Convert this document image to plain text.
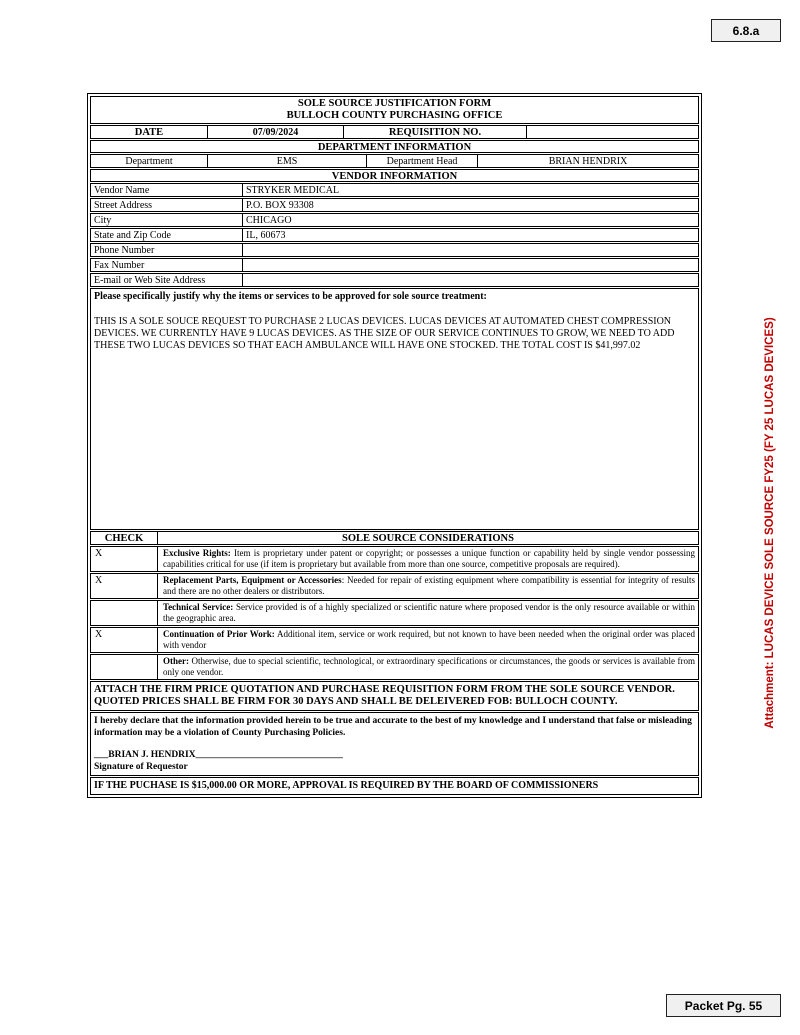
6.8.a
Packet Pg. 55
Attachment: LUCAS DEVICE SOLE SOURCE FY25 (FY 25 LUCAS DEVICES)
SOLE SOURCE JUSTIFICATION FORM
BULLOCH COUNTY PURCHASING OFFICE
DATE	07/09/2024	REQUISITION NO.
DEPARTMENT INFORMATION
Department	EMS	Department Head	BRIAN HENDRIX
VENDOR INFORMATION
Vendor Name	STRYKER MEDICAL
Street Address	P.O. BOX 93308
City	CHICAGO
State and Zip Code	IL, 60673
Phone Number
Fax Number
E-mail or Web Site Address
Please specifically justify why the items or services to be approved for sole source treatment:
THIS IS A SOLE SOUCE REQUEST TO PURCHASE 2 LUCAS DEVICES. LUCAS DEVICES AT AUTOMATED CHEST COMPRESSION DEVICES. WE CURRENTLY HAVE 9 LUCAS DEVICES. AS THE SIZE OF OUR SERVICE CONTINUES TO GROW, WE NEED TO ADD THESE TWO LUCAS DEVICES SO THAT EACH AMBULANCE WILL HAVE ONE STOCKED. THE TOTAL COST IS $41,997.02
CHECK	SOLE SOURCE CONSIDERATIONS
X	Exclusive Rights: Item is proprietary under patent or copyright; or possesses a unique function or capability held by single vendor possessing capabilities critical for use (if item is proprietary but available from more than one source, competitive proposals are required).
X	Replacement Parts, Equipment or Accessories: Needed for repair of existing equipment where compatibility is essential for integrity of results and there are no other dealers or distributors.
Technical Service: Service provided is of a highly specialized or scientific nature where proposed vendor is the only resource available or within the geographic area.
X	Continuation of Prior Work: Additional item, service or work required, but not known to have been needed when the original order was placed with vendor
Other: Otherwise, due to special scientific, technological, or extraordinary specifications or circumstances, the goods or services is available from only one vendor.
ATTACH THE FIRM PRICE QUOTATION AND PURCHASE REQUISITION FORM FROM THE SOLE SOURCE VENDOR. QUOTED PRICES SHALL BE FIRM FOR 30 DAYS AND SHALL BE DELEIVERED FOB: BULLOCH COUNTY.
I hereby declare that the information provided herein to be true and accurate to the best of my knowledge and I understand that false or misleading information may be a violation of County Purchasing Policies.
___BRIAN J. HENDRIX_______________________________
Signature of Requestor
IF THE PUCHASE IS $15,000.00 OR MORE, APPROVAL IS REQUIRED BY THE BOARD OF COMMISSIONERS
